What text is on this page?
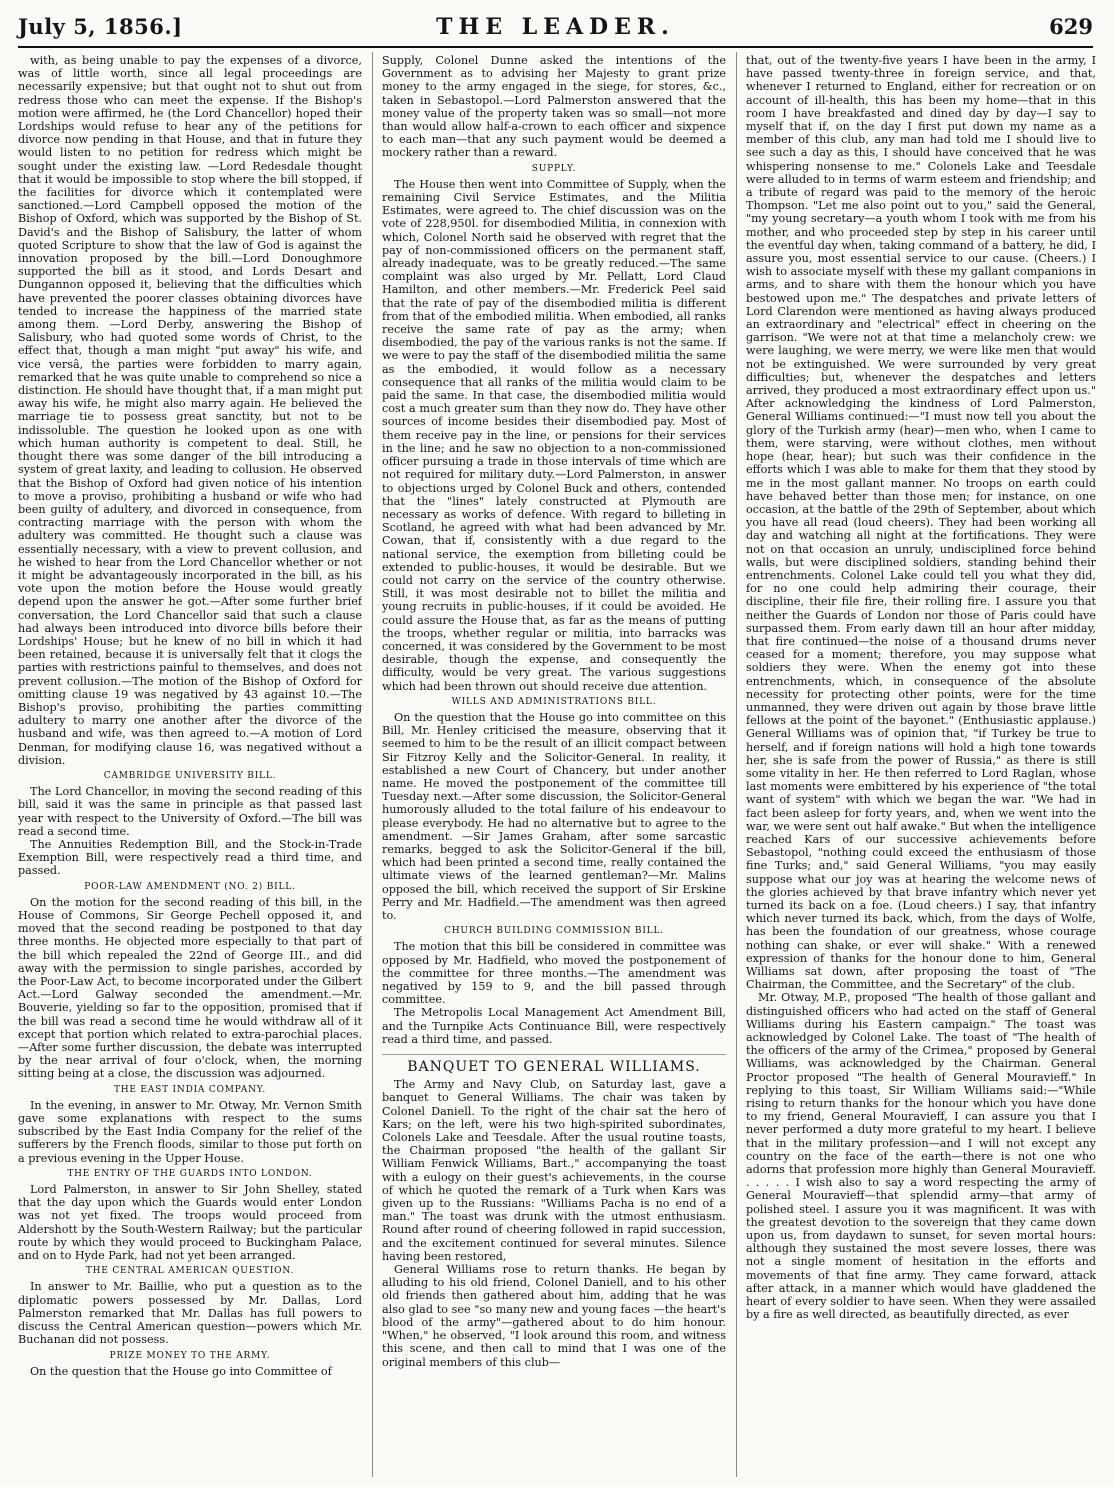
THE LEADER.
July 5, 1856.]	629

with, as being unable to pay the expenses of a divorce, was of little worth, since all legal proceedings are necessarily expensive; but that ought not to shut out from redress those who can meet the expense. If the Bishop's motion were affirmed, he (the Lord Chancellor) hoped their Lordships would refuse to hear any of the petitions for divorce now pending in that House, and that in future they would listen to no petition for redress which might be sought under the existing law. —Lord Redesdale thought that it would be impossible to stop where the bill stopped, if the facilities for divorce which it contemplated were sanctioned.—Lord Campbell opposed the motion of the Bishop of Oxford, which was supported by the Bishop of St. David's and the Bishop of Salisbury, the latter of whom quoted Scripture to show that the law of God is against the innovation proposed by the bill.—Lord Donoughmore supported the bill as it stood, and Lords Desart and Dungannon opposed it, believing that the difficulties which have prevented the poorer classes obtaining divorces have tended to increase the happiness of the married state among them. —Lord Derby, answering the Bishop of Salisbury, who had quoted some words of Christ, to the effect that, though a man might "put away" his wife, and vice versâ, the parties were forbidden to marry again, remarked that he was quite unable to comprehend so nice a distinction. He should have thought that, if a man might put away his wife, he might also marry again. He believed the marriage tie to possess great sanctity, but not to be indissoluble. The question he looked upon as one with which human authority is competent to deal. Still, he thought there was some danger of the bill introducing a system of great laxity, and leading to collusion. He observed that the Bishop of Oxford had given notice of his intention to move a proviso, prohibiting a husband or wife who had been guilty of adultery, and divorced in consequence, from contracting marriage with the person with whom the adultery was committed. He thought such a clause was essentially necessary, with a view to prevent collusion, and he wished to hear from the Lord Chancellor whether or not it might be advantageously incorporated in the bill, as his vote upon the motion before the House would greatly depend upon the answer he got.—After some further brief conversation, the Lord Chancellor said that such a clause had always been introduced into divorce bills before their Lordships' House; but he knew of no bill in which it had been retained, because it is universally felt that it clogs the parties with restrictions painful to themselves, and does not prevent collusion.—The motion of the Bishop of Oxford for omitting clause 19 was negatived by 43 against 10.—The Bishop's proviso, prohibiting the parties committing adultery to marry one another after the divorce of the husband and wife, was then agreed to.—A motion of Lord Denman, for modifying clause 16, was negatived without a division.

CAMBRIDGE UNIVERSITY BILL.

The Lord Chancellor, in moving the second reading of this bill, said it was the same in principle as that passed last year with respect to the University of Oxford.—The bill was read a second time.

The Annuities Redemption Bill, and the Stock-in-Trade Exemption Bill, were respectively read a third time, and passed.

POOR-LAW AMENDMENT (NO. 2) BILL.

On the motion for the second reading of this bill, in the House of Commons, Sir George Pechell opposed it, and moved that the second reading be postponed to that day three months. He objected more especially to that part of the bill which repealed the 22nd of George III., and did away with the permission to single parishes, accorded by the Poor-Law Act, to become incorporated under the Gilbert Act.—Lord Galway seconded the amendment.—Mr. Bouverie, yielding so far to the opposition, promised that if the bill was read a second time he would withdraw all of it except that portion which related to extra-parochial places.—After some further discussion, the debate was interrupted by the near arrival of four o'clock, when, the morning sitting being at a close, the discussion was adjourned.

THE EAST INDIA COMPANY.

In the evening, in answer to Mr. Otway, Mr. Vernon Smith gave some explanations with respect to the sums subscribed by the East India Company for the relief of the sufferers by the French floods, similar to those put forth on a previous evening in the Upper House.

THE ENTRY OF THE GUARDS INTO LONDON.

Lord Palmerston, in answer to Sir John Shelley, stated that the day upon which the Guards would enter London was not yet fixed. The troops would proceed from Aldershott by the South-Western Railway; but the particular route by which they would proceed to Buckingham Palace, and on to Hyde Park, had not yet been arranged.

THE CENTRAL AMERICAN QUESTION.

In answer to Mr. Baillie, who put a question as to the diplomatic powers possessed by Mr. Dallas, Lord Palmerston remarked that Mr. Dallas has full powers to discuss the Central American question—powers which Mr. Buchanan did not possess.

PRIZE MONEY TO THE ARMY.

On the question that the House go into Committee of

Supply, Colonel Dunne asked the intentions of the Government as to advising her Majesty to grant prize money to the army engaged in the siege, for stores, &c., taken in Sebastopol.—Lord Palmerston answered that the money value of the property taken was so small—not more than would allow half-a-crown to each officer and sixpence to each man—that any such payment would be deemed a mockery rather than a reward.

SUPPLY.

The House then went into Committee of Supply, when the remaining Civil Service Estimates, and the Militia Estimates, were agreed to. The chief discussion was on the vote of 228,950l. for disembodied Militia, in connexion with which, Colonel North said he observed with regret that the pay of non-commissioned officers on the permanent staff, already inadequate, was to be greatly reduced.—The same complaint was also urged by Mr. Pellatt, Lord Claud Hamilton, and other members.—Mr. Frederick Peel said that the rate of pay of the disembodied militia is different from that of the embodied militia. When embodied, all ranks receive the same rate of pay as the army; when disembodied, the pay of the various ranks is not the same. If we were to pay the staff of the disembodied militia the same as the embodied, it would follow as a necessary consequence that all ranks of the militia would claim to be paid the same. In that case, the disembodied militia would cost a much greater sum than they now do. They have other sources of income besides their disembodied pay. Most of them receive pay in the line, or pensions for their services in the line; and he saw no objection to a non-commissioned officer pursuing a trade in those intervals of time which are not required for military duty.—Lord Palmerston, in answer to objections urged by Colonel Buck and others, contended that the "lines" lately constructed at Plymouth are necessary as works of defence. With regard to billeting in Scotland, he agreed with what had been advanced by Mr. Cowan, that if, consistently with a due regard to the national service, the exemption from billeting could be extended to public-houses, it would be desirable. But we could not carry on the service of the country otherwise. Still, it was most desirable not to billet the militia and young recruits in public-houses, if it could be avoided. He could assure the House that, as far as the means of putting the troops, whether regular or militia, into barracks was concerned, it was considered by the Government to be most desirable, though the expense, and consequently the difficulty, would be very great. The various suggestions which had been thrown out should receive due attention.

WILLS AND ADMINISTRATIONS BILL.

On the question that the House go into committee on this Bill, Mr. Henley criticised the measure, observing that it seemed to him to be the result of an illicit compact between Sir Fitzroy Kelly and the Solicitor-General. In reality, it established a new Court of Chancery, but under another name. He moved the postponement of the committee till Tuesday next.—After some discussion, the Solicitor-General humorously alluded to the total failure of his endeavour to please everybody. He had no alternative but to agree to the amendment. —Sir James Graham, after some sarcastic remarks, begged to ask the Solicitor-General if the bill, which had been printed a second time, really contained the ultimate views of the learned gentleman?—Mr. Malins opposed the bill, which received the support of Sir Erskine Perry and Mr. Hadfield.—The amendment was then agreed to.

CHURCH BUILDING COMMISSION BILL.

The motion that this bill be considered in committee was opposed by Mr. Hadfield, who moved the postponement of the committee for three months.—The amendment was negatived by 159 to 9, and the bill passed through committee.

The Metropolis Local Management Act Amendment Bill, and the Turnpike Acts Continuance Bill, were respectively read a third time, and passed.

BANQUET TO GENERAL WILLIAMS.

The Army and Navy Club, on Saturday last, gave a banquet to General Williams. The chair was taken by Colonel Daniell. To the right of the chair sat the hero of Kars; on the left, were his two high-spirited subordinates, Colonels Lake and Teesdale. After the usual routine toasts, the Chairman proposed "the health of the gallant Sir William Fenwick Williams, Bart.," accompanying the toast with a eulogy on their guest's achievements, in the course of which he quoted the remark of a Turk when Kars was given up to the Russians: "Williams Pacha is no end of a man." The toast was drunk with the utmost enthusiasm. Round after round of cheering followed in rapid succession, and the excitement continued for several minutes. Silence having been restored,

General Williams rose to return thanks. He began by alluding to his old friend, Colonel Daniell, and to his other old friends then gathered about him, adding that he was also glad to see "so many new and young faces —the heart's blood of the army"—gathered about to do him honour. "When," he observed, "I look around this room, and witness this scene, and then call to mind that I was one of the original members of this club—

that, out of the twenty-five years I have been in the army, I have passed twenty-three in foreign service, and that, whenever I returned to England, either for recreation or on account of ill-health, this has been my home—that in this room I have breakfasted and dined day by day—I say to myself that if, on the day I first put down my name as a member of this club, any man had told me I should live to see such a day as this, I should have conceived that he was whispering nonsense to me." Colonels Lake and Teesdale were alluded to in terms of warm esteem and friendship; and a tribute of regard was paid to the memory of the heroic Thompson. "Let me also point out to you," said the General, "my young secretary—a youth whom I took with me from his mother, and who proceeded step by step in his career until the eventful day when, taking command of a battery, he did, I assure you, most essential service to our cause. (Cheers.) I wish to associate myself with these my gallant companions in arms, and to share with them the honour which you have bestowed upon me." The despatches and private letters of Lord Clarendon were mentioned as having always produced an extraordinary and "electrical" effect in cheering on the garrison. "We were not at that time a melancholy crew: we were laughing, we were merry, we were like men that would not be extinguished. We were surrounded by very great difficulties; but, whenever the despatches and letters arrived, they produced a most extraordinary effect upon us." After acknowledging the kindness of Lord Palmerston, General Williams continued:—"I must now tell you about the glory of the Turkish army (hear)—men who, when I came to them, were starving, were without clothes, men without hope (hear, hear); but such was their confidence in the efforts which I was able to make for them that they stood by me in the most gallant manner. No troops on earth could have behaved better than those men; for instance, on one occasion, at the battle of the 29th of September, about which you have all read (loud cheers). They had been working all day and watching all night at the fortifications. They were not on that occasion an unruly, undisciplined force behind walls, but were disciplined soldiers, standing behind their entrenchments. Colonel Lake could tell you what they did, for no one could help admiring their courage, their discipline, their file fire, their rolling fire. I assure you that neither the Guards of London nor those of Paris could have surpassed them. From early dawn till an hour after midday, that fire continued—the noise of a thousand drums never ceased for a moment; therefore, you may suppose what soldiers they were. When the enemy got into these entrenchments, which, in consequence of the absolute necessity for protecting other points, were for the time unmanned, they were driven out again by those brave little fellows at the point of the bayonet." (Enthusiastic applause.) General Williams was of opinion that, "if Turkey be true to herself, and if foreign nations will hold a high tone towards her, she is safe from the power of Russia," as there is still some vitality in her. He then referred to Lord Raglan, whose last moments were embittered by his experience of "the total want of system" with which we began the war. "We had in fact been asleep for forty years, and, when we went into the war, we were sent out half awake." But when the intelligence reached Kars of our successive achievements before Sebastopol, "nothing could exceed the enthusiasm of those fine Turks; and," said General Williams, "you may easily suppose what our joy was at hearing the welcome news of the glories achieved by that brave infantry which never yet turned its back on a foe. (Loud cheers.) I say, that infantry which never turned its back, which, from the days of Wolfe, has been the foundation of our greatness, whose courage nothing can shake, or ever will shake." With a renewed expression of thanks for the honour done to him, General Williams sat down, after proposing the toast of "The Chairman, the Committee, and the Secretary" of the club.

Mr. Otway, M.P., proposed "The health of those gallant and distinguished officers who had acted on the staff of General Williams during his Eastern campaign." The toast was acknowledged by Colonel Lake. The toast of "The health of the officers of the army of the Crimea," proposed by General Williams, was acknowledged by the Chairman. General Proctor proposed "The health of General Mouravieff." In replying to this toast, Sir William Williams said:—"While rising to return thanks for the honour which you have done to my friend, General Mouravieff, I can assure you that I never performed a duty more grateful to my heart. I believe that in the military profession—and I will not except any country on the face of the earth—there is not one who adorns that profession more highly than General Mouravieff. . . . . . I wish also to say a word respecting the army of General Mouravieff—that splendid army—that army of polished steel. I assure you it was magnificent. It was with the greatest devotion to the sovereign that they came down upon us, from daydawn to sunset, for seven mortal hours: although they sustained the most severe losses, there was not a single moment of hesitation in the efforts and movements of that fine army. They came forward, attack after attack, in a manner which would have gladdened the heart of every soldier to have seen. When they were assailed by a fire as well directed, as beautifully directed, as ever
